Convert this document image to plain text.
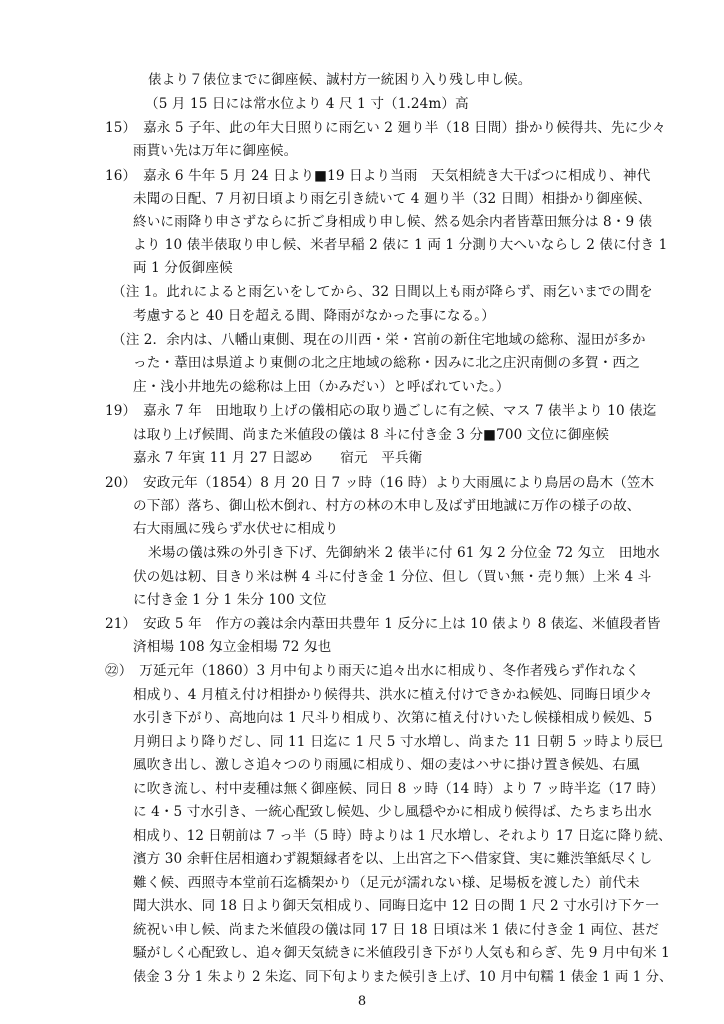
俵より７俵位までに御座候、誠村方一統困り入り残し申し候。
（5 月 15 日には常水位より 4 尺 1 寸（1.24m）高
15）　嘉永 5 子年、此の年大日照りに雨乞い 2 廻り半（18 日間）掛かり候得共、先に少々
雨貰い先は万年に御座候。
16）　嘉永 6 牛年 5 月 24 日より■19 日より当雨　天気相続き大干ばつに相成り、神代
未聞の日配、7 月初日頃より雨乞引き続いて 4 廻り半（32 日間）相掛かり御座候、
終いに雨降り申さずならに折ご身相成り申し候、然る処余内者皆葦田無分は 8・9 俵
より 10 俵半俵取り申し候、米者早稲 2 俵に 1 両 1 分測り大へいならし 2 俵に付き 1
両 1 分仮御座候
（注 1。此れによると雨乞いをしてから、32 日間以上も雨が降らず、雨乞いまでの間を
考慮すると 40 日を超える間、降雨がなかった事になる。）
（注 2．余内は、八幡山東側、現在の川西・栄・宮前の新住宅地域の総称、湿田が多か
った・葦田は県道より東側の北之庄地域の総称・因みに北之庄沢南側の多賀・西之
庄・浅小井地先の総称は上田（かみだい）と呼ばれていた。）
19）　嘉永 7 年　田地取り上げの儀相応の取り過ごしに有之候、マス 7 俵半より 10 俵迄
は取り上げ候間、尚また米値段の儀は 8 斗に付き金 3 分■700 文位に御座候
嘉永 7 年寅 11 月 27 日認め　　宿元　平兵衛
20）　安政元年（1854）8 月 20 日 7 ッ時（16 時）より大雨風により鳥居の島木（笠木
の下部）落ち、御山松木倒れ、村方の林の木申し及ばず田地誠に万作の様子の故、
右大雨風に残らず水伏せに相成り
米場の儀は殊の外引き下げ、先御納米 2 俵半に付 61 匁 2 分位金 72 匁立　田地水
伏の処は籾、目きり米は桝 4 斗に付き金 1 分位、但し（買い無・売り無）上米 4 斗
に付き金 1 分 1 朱分 100 文位
21）　安政 5 年　作方の義は余内葦田共豊年 1 反分に上は 10 俵より 8 俵迄、米値段者皆
済相場 108 匁立金相場 72 匁也
㉒）　万延元年（1860）3 月中旬より雨天に追々出水に相成り、冬作者残らず作れなく
相成り、4 月植え付け相掛かり候得共、洪水に植え付けできかね候処、同晦日頃少々
水引き下がり、高地向は 1 尺斗り相成り、次第に植え付けいたし候様相成り候処、5
月朔日より降りだし、同 11 日迄に 1 尺 5 寸水増し、尚また 11 日朝 5 ッ時より辰巳
風吹き出し、激しさ追々つのり雨風に相成り、畑の麦はハサに掛け置き候処、右風
に吹き流し、村中麦種は無く御座候、同日 8 ッ時（14 時）より 7 ッ時半迄（17 時）
に 4・5 寸水引き、一統心配致し候処、少し風穏やかに相成り候得ば、たちまち出水
相成り、12 日朝前は 7 っ半（5 時）時よりは 1 尺水増し、それより 17 日迄に降り続、
濱方 30 余軒住居相適わず親類縁者を以、上出宮之下へ借家貸、実に難渋筆紙尽くし
難く候、西照寺本堂前石迄橋架かり（足元が濡れない様、足場板を渡した）前代未
聞大洪水、同 18 日より御天気相成り、同晦日迄中 12 日の間 1 尺 2 寸水引け下ケ一
統祝い申し候、尚また米値段の儀は同 17 日 18 日頃は米 1 俵に付き金 1 両位、甚だ
騒がしく心配致し、追々御天気続きに米値段引き下がり人気も和らぎ、先 9 月中旬米 1
俵金 3 分 1 朱より 2 朱迄、同下旬よりまた候引き上げ、10 月中旬糯 1 俵金 1 両 1 分、
8
